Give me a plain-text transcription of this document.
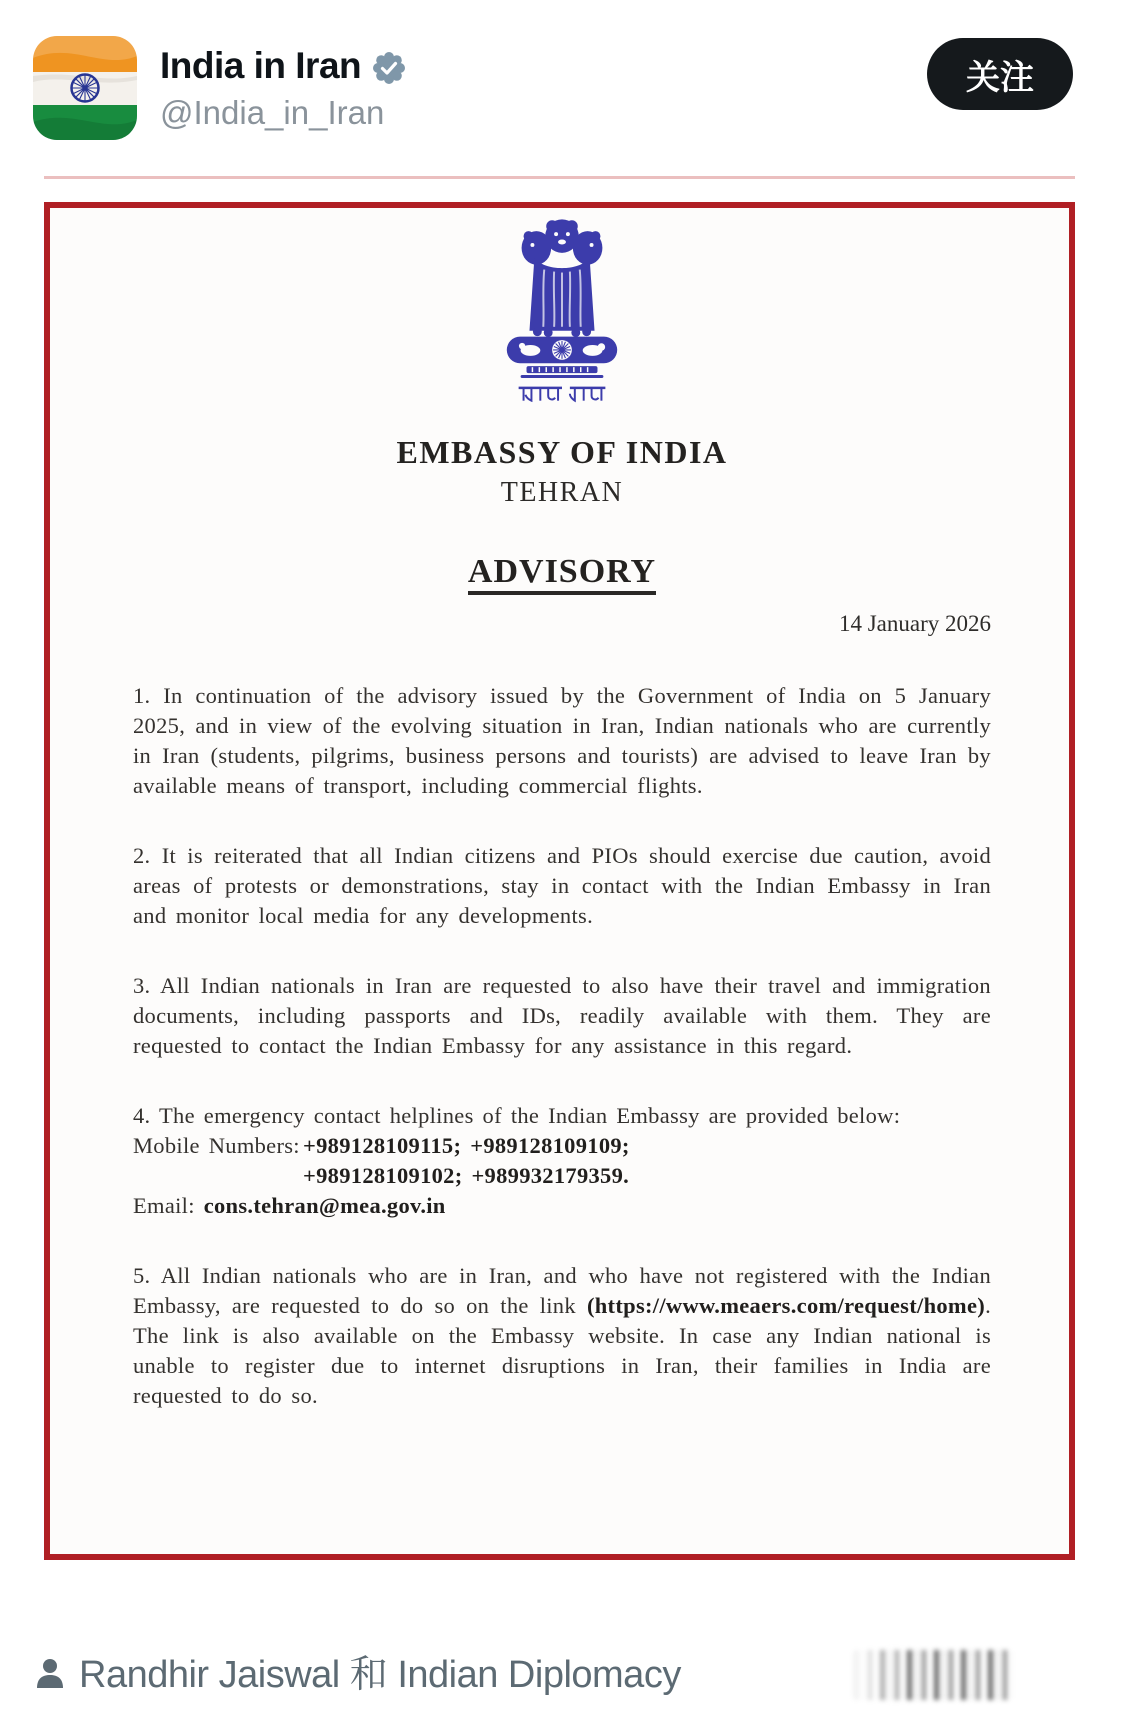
India in Iran
@India_in_Iran
关注
EMBASSY OF INDIA
TEHRAN
ADVISORY
14 January 2026
1. In continuation of the advisory issued by the Government of India on 5 January 2025, and in view of the evolving situation in Iran, Indian nationals who are currently in Iran (students, pilgrims, business persons and tourists) are advised to leave Iran by available means of transport, including commercial flights.
2. It is reiterated that all Indian citizens and PIOs should exercise due caution, avoid areas of protests or demonstrations, stay in contact with the Indian Embassy in Iran and monitor local media for any developments.
3. All Indian nationals in Iran are requested to also have their travel and immigration documents, including passports and IDs, readily available with them. They are requested to contact the Indian Embassy for any assistance in this regard.
4. The emergency contact helplines of the Indian Embassy are provided below:
Mobile Numbers: +989128109115; +989128109109;
+989128109102; +989932179359.
Email: cons.tehran@mea.gov.in
5. All Indian nationals who are in Iran, and who have not registered with the Indian Embassy, are requested to do so on the link (https://www.meaers.com/request/home). The link is also available on the Embassy website. In case any Indian national is unable to register due to internet disruptions in Iran, their families in India are requested to do so.
Randhir Jaiswal 和 Indian Diplomacy
